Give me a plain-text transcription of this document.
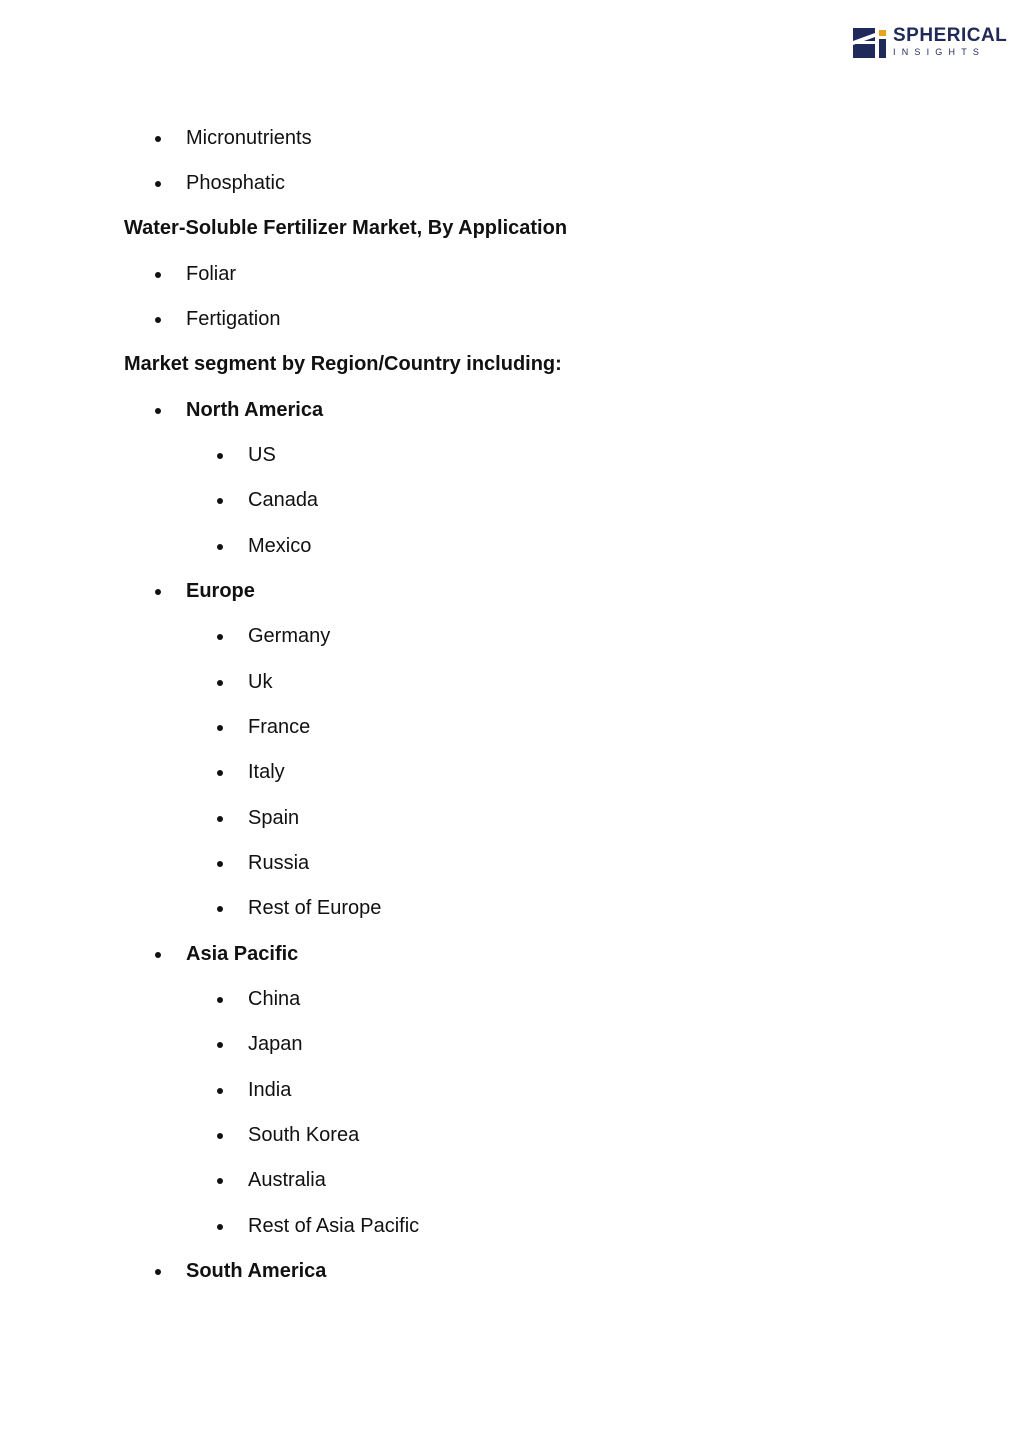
SPHERICAL
INSIGHTS
Micronutrients
Phosphatic
Water-Soluble Fertilizer Market, By Application
Foliar
Fertigation
Market segment by Region/Country including:
North America
US
Canada
Mexico
Europe
Germany
Uk
France
Italy
Spain
Russia
Rest of Europe
Asia Pacific
China
Japan
India
South Korea
Australia
Rest of Asia Pacific
South America
